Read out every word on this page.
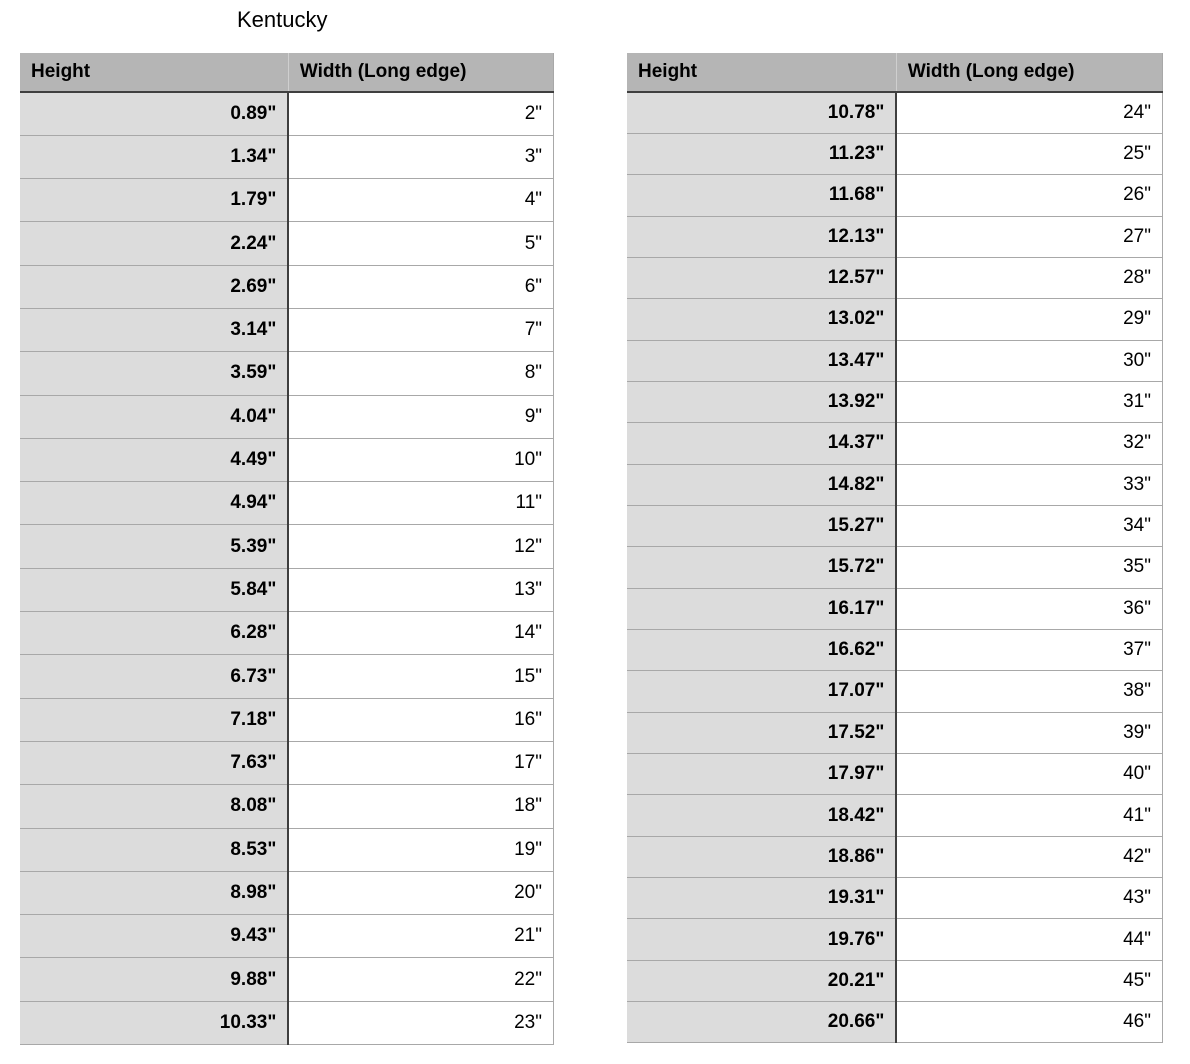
Kentucky
Height	Width (Long edge)
0.89"	2"
1.34"	3"
1.79"	4"
2.24"	5"
2.69"	6"
3.14"	7"
3.59"	8"
4.04"	9"
4.49"	10"
4.94"	11"
5.39"	12"
5.84"	13"
6.28"	14"
6.73"	15"
7.18"	16"
7.63"	17"
8.08"	18"
8.53"	19"
8.98"	20"
9.43"	21"
9.88"	22"
10.33"	23"
Height	Width (Long edge)
10.78"	24"
11.23"	25"
11.68"	26"
12.13"	27"
12.57"	28"
13.02"	29"
13.47"	30"
13.92"	31"
14.37"	32"
14.82"	33"
15.27"	34"
15.72"	35"
16.17"	36"
16.62"	37"
17.07"	38"
17.52"	39"
17.97"	40"
18.42"	41"
18.86"	42"
19.31"	43"
19.76"	44"
20.21"	45"
20.66"	46"
